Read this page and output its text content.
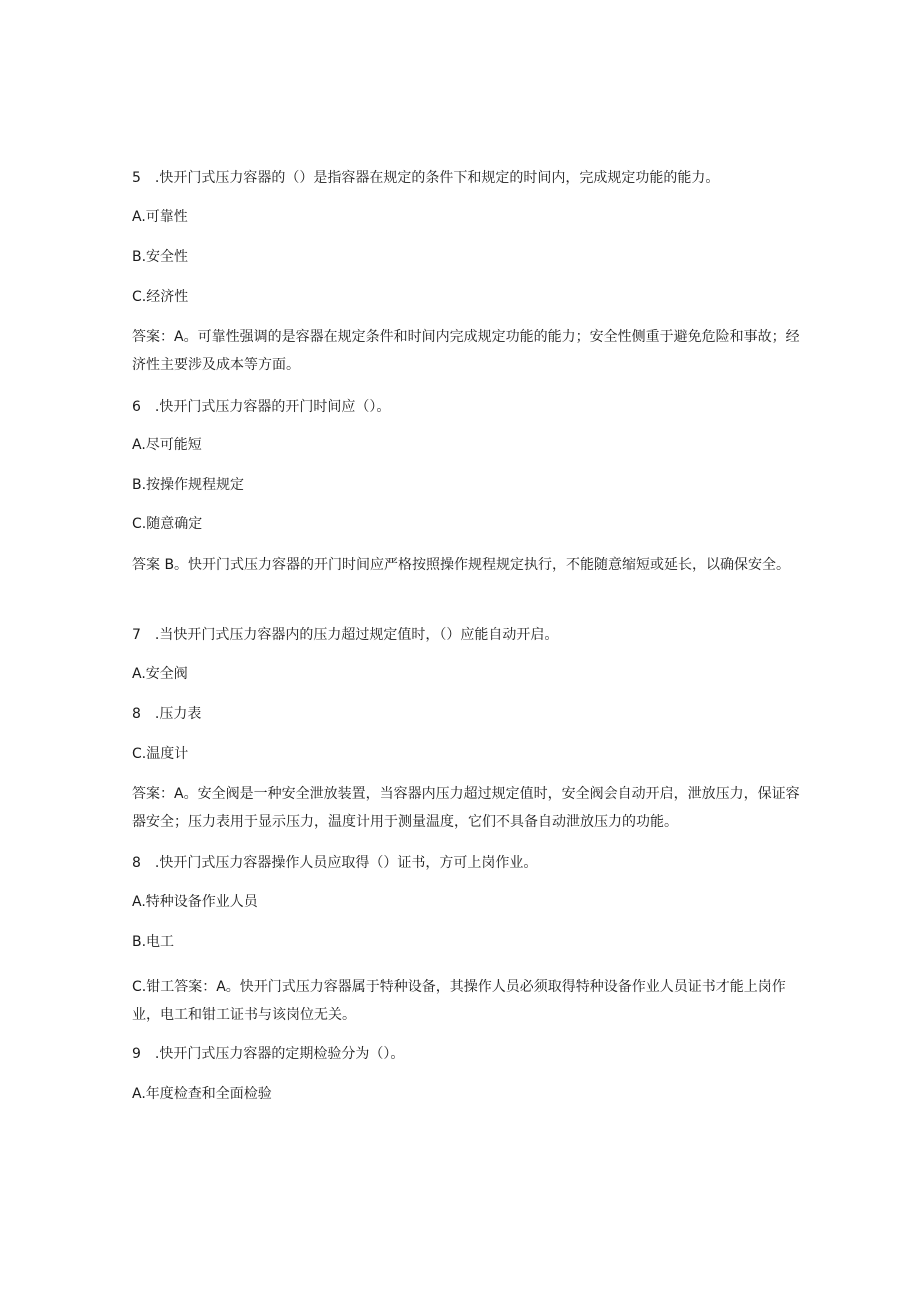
5　.快开门式压力容器的（）是指容器在规定的条件下和规定的时间内，完成规定功能的能力。

A.可靠性

B.安全性

C.经济性

答案：A。可靠性强调的是容器在规定条件和时间内完成规定功能的能力；安全性侧重于避免危险和事故；经济性主要涉及成本等方面。

6　.快开门式压力容器的开门时间应（）。

A.尽可能短

B.按操作规程规定

C.随意确定

答案 B。快开门式压力容器的开门时间应严格按照操作规程规定执行，不能随意缩短或延长，以确保安全。

7　.当快开门式压力容器内的压力超过规定值时，（）应能自动开启。

A.安全阀

8　.压力表

C.温度计

答案：A。安全阀是一种安全泄放装置，当容器内压力超过规定值时，安全阀会自动开启，泄放压力，保证容器安全；压力表用于显示压力，温度计用于测量温度，它们不具备自动泄放压力的功能。

8　.快开门式压力容器操作人员应取得（）证书，方可上岗作业。

A.特种设备作业人员

B.电工

C.钳工答案：A。快开门式压力容器属于特种设备，其操作人员必须取得特种设备作业人员证书才能上岗作业，电工和钳工证书与该岗位无关。

9　.快开门式压力容器的定期检验分为（）。

A.年度检查和全面检验
